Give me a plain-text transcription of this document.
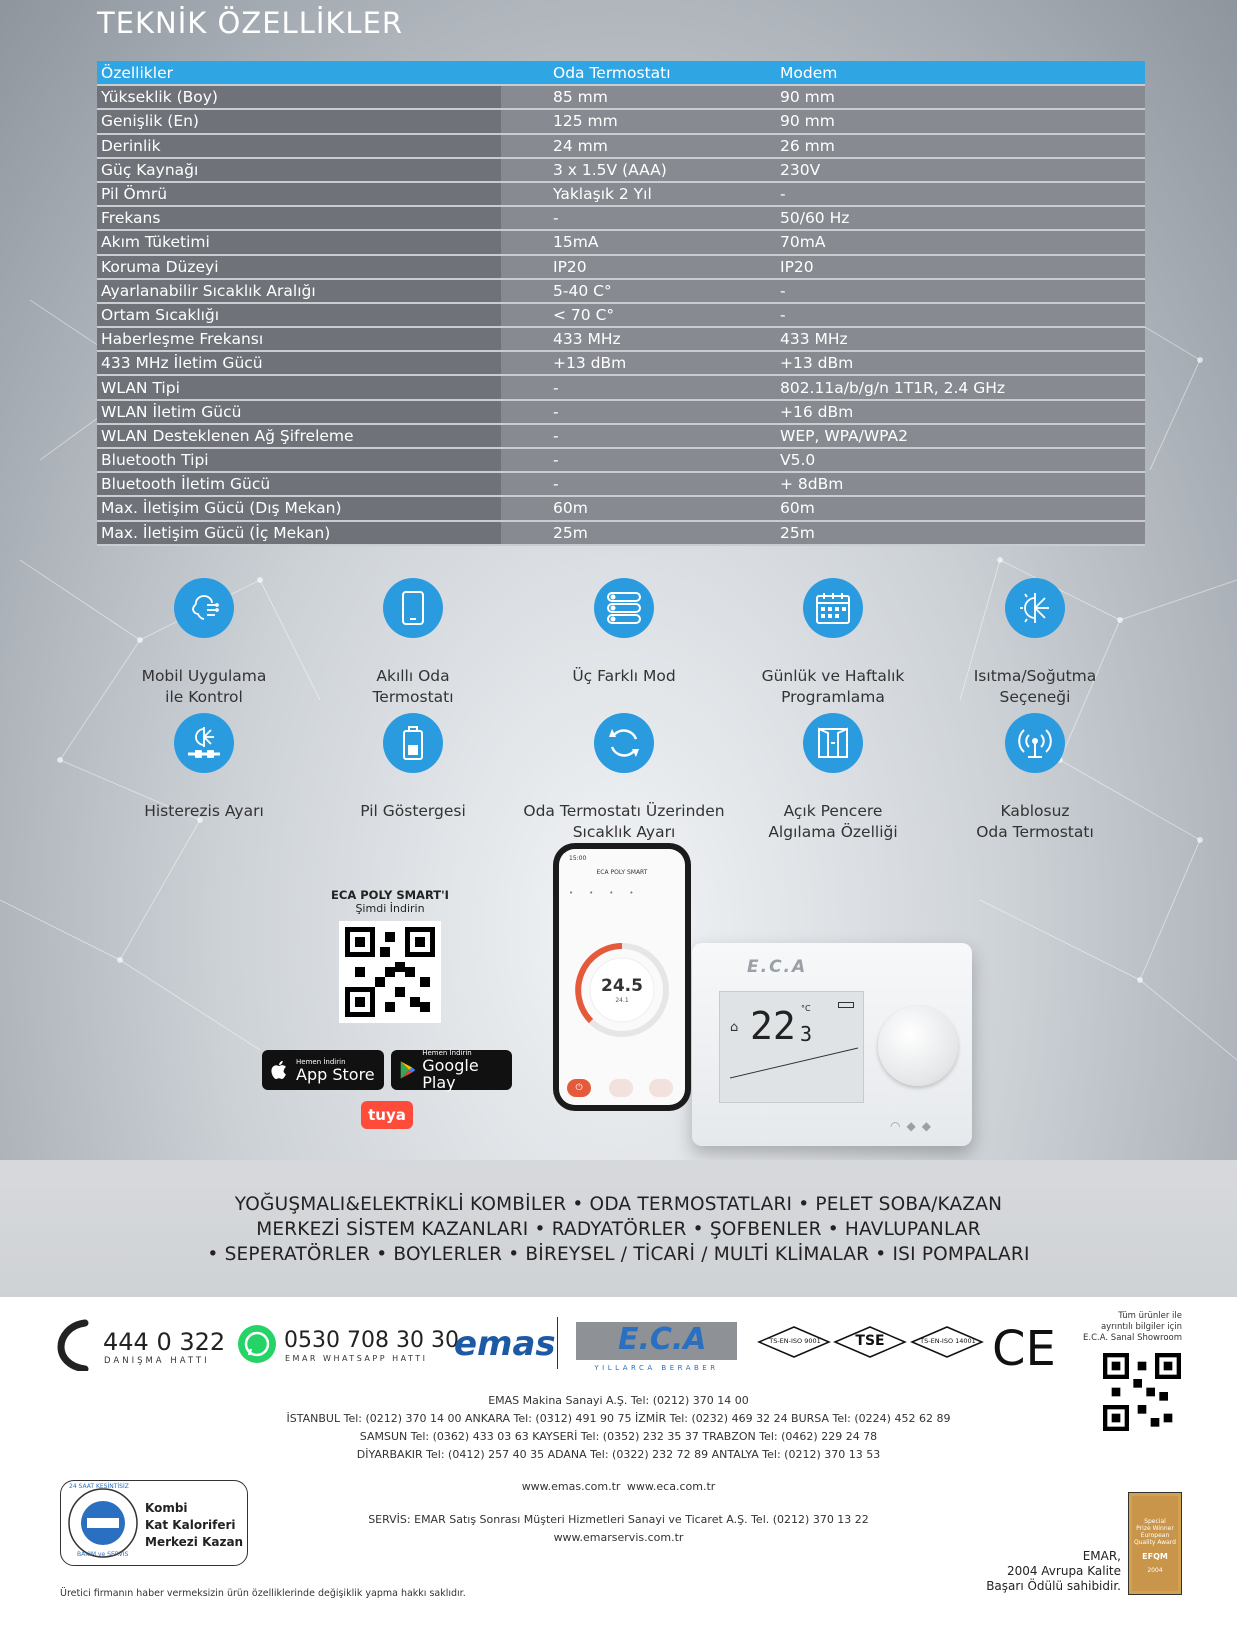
TEKNİK ÖZELLİKLER
Özellikler	Oda Termostatı	Modem
Yükseklik (Boy)	85 mm	90 mm
Genişlik (En)	125 mm	90 mm
Derinlik	24 mm	26 mm
Güç Kaynağı	3 x 1.5V (AAA)	230V
Pil Ömrü	Yaklaşık 2 Yıl	-
Frekans	-	50/60 Hz
Akım Tüketimi	15mA	70mA
Koruma Düzeyi	IP20	IP20
Ayarlanabilir Sıcaklık Aralığı	5-40 C°	-
Ortam Sıcaklığı	< 70 C°	-
Haberleşme Frekansı	433 MHz	433 MHz
433 MHz İletim Gücü	+13 dBm	+13 dBm
WLAN Tipi	-	802.11a/b/g/n 1T1R, 2.4 GHz
WLAN İletim Gücü	-	+16 dBm
WLAN Desteklenen Ağ Şifreleme	-	WEP, WPA/WPA2
Bluetooth Tipi	-	V5.0
Bluetooth İletim Gücü	-	+ 8dBm
Max. İletişim Gücü (Dış Mekan)	60m	60m
Max. İletişim Gücü (İç Mekan)	25m	25m
Mobil Uygulama
ile Kontrol
Akıllı Oda
Termostatı
Üç Farklı Mod	Günlük ve Haftalık
Programlama
Isıtma/Soğutma
Seçeneği
Histerezis Ayarı	Pil Göstergesi	Oda Termostatı Üzerinden
Sıcaklık Ayarı
Açık Pencere
Algılama Özelliği
Kablosuz
Oda Termostatı
ECA POLY SMART'I
Şimdi İndirin
Hemen İndirin
App Store
Hemen İndirin
Google Play
tuya
E.C.A
⌂ 22 3
°C
◠◆◆
15:00
ECA POLY SMART
••••
24.5
24.1
⏻
YOĞUŞMALI&ELEKTRİKLİ KOMBİLER • ODA TERMOSTATLARI • PELET SOBA/KAZAN
MERKEZİ SİSTEM KAZANLARI • RADYATÖRLER • ŞOFBENLER • HAVLUPANLAR
• SEPERATÖRLER • BOYLERLER • BİREYSEL / TİCARİ / MULTİ KLİMALAR • ISI POMPALARI
444 0 322
DANIŞMA HATTI
0530 708 30 30
EMAR WHATSAPP HATTI emas E.C.A
YILLARCA BERABER
TS-EN-ISO 9001	TSE	TS-EN-ISO 14001 CE
Tüm ürünler ile
ayrıntılı bilgiler için
E.C.A. Sanal Showroom
EMAS Makina Sanayi A.Ş. Tel: (0212) 370 14 00
İSTANBUL Tel: (0212) 370 14 00 ANKARA Tel: (0312) 491 90 75 İZMİR Tel: (0232) 469 32 24 BURSA Tel: (0224) 452 62 89
SAMSUN Tel: (0362) 433 03 63 KAYSERİ Tel: (0352) 232 35 37 TRABZON Tel: (0462) 229 24 78
DİYARBAKIR Tel: (0412) 257 40 35 ADANA Tel: (0322) 232 72 89 ANTALYA Tel: (0212) 370 13 53
www.emas.com.tr www.eca.com.tr
SERVİS: EMAR Satış Sonrası Müşteri Hizmetleri Sanayi ve Ticaret A.Ş. Tel. (0212) 370 13 22
www.emarservis.com.tr
24 SAAT KESİNTİSİZ
BAKIM ve SERVİS
Kombi
Kat Kaloriferi
Merkezi Kazan
Üretici firmanın haber vermeksizin ürün özelliklerinde değişiklik yapma hakkı saklıdır.
EMAR,
2004 Avrupa Kalite
Başarı Ödülü sahibidir.
Special
Prize Winner
European
Quality Award
EFQM
2004
